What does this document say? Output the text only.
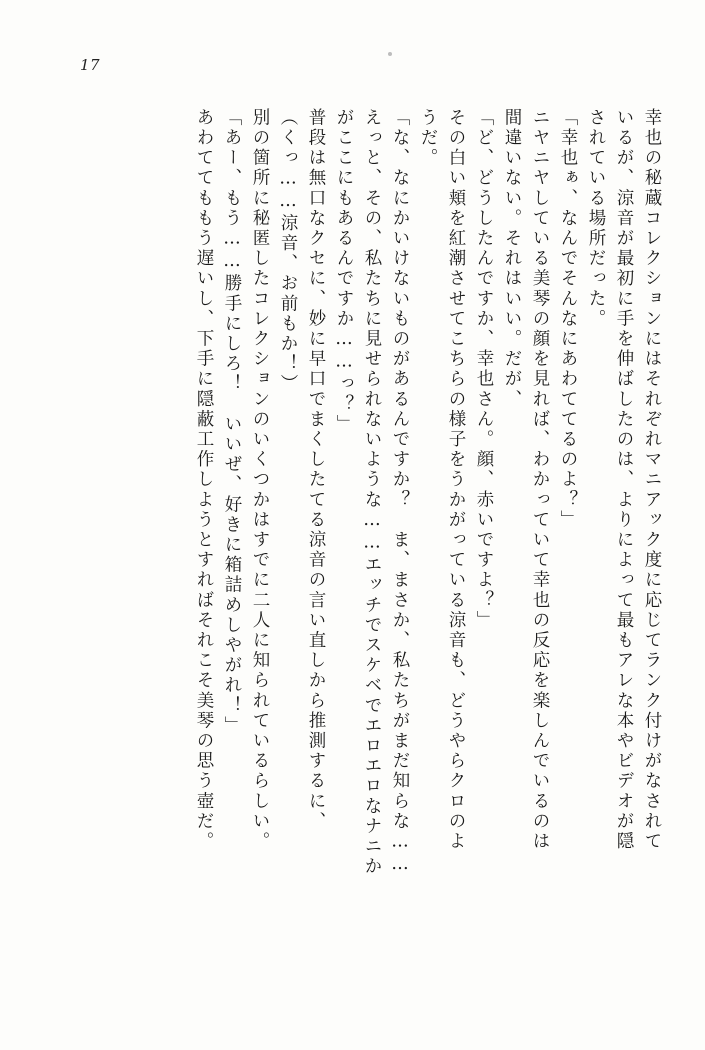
17
幸也の秘蔵コレクションにはそれぞれマニアック度に応じてランク付けがなされて
いるが、涼音が最初に手を伸ばしたのは、よりによって最もアレな本やビデオが隠
されている場所だった。
「幸也ぁ、なんでそんなにあわててるのよ？」
ニヤニヤしている美琴の顔を見れば、わかっていて幸也の反応を楽しんでいるのは
間違いない。それはいい。だが、
「ど、どうしたんですか、幸也さん。顔、赤いですよ？」
その白い頬を紅潮させてこちらの様子をうかがっている涼音も、どうやらクロのよ
うだ。
「な、なにかいけないものがあるんですか？　ま、まさか、私たちがまだ知らな……
えっと、その、私たちに見せられないような……エッチでスケベでエロエロなナニか
がここにもあるんですか……っ？」
普段は無口なクセに、妙に早口でまくしたてる涼音の言い直しから推測するに、
（くっ……涼音、お前もか！）
別の箇所に秘匿したコレクションのいくつかはすでに二人に知られているらしい。
「あー、もう……勝手にしろ！　いいぜ、好きに箱詰めしやがれ！」
あわててももう遅いし、下手に隠蔽工作しようとすればそれこそ美琴の思う壺だ。
